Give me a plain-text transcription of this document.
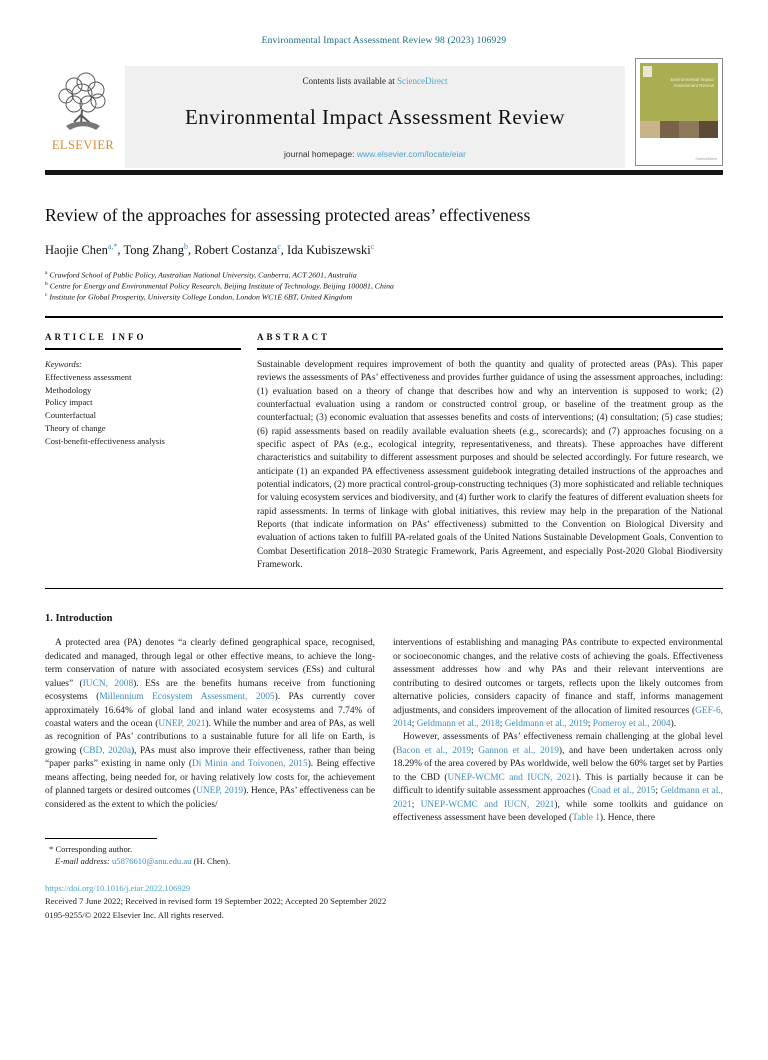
Environmental Impact Assessment Review 98 (2023) 106929
ELSEVIER
Contents lists available at ScienceDirect
Environmental Impact Assessment Review
journal homepage: www.elsevier.com/locate/eiar
Environmental Impact Assessment Review
ScienceDirect
Review of the approaches for assessing protected areas’ effectiveness
Haojie Chen$^{a,*}$ , Tong Zhang$^b$ , Robert Costanza$^c$ , Ida Kubiszewski$^c$
$^a$ Crawford School of Public Policy, Australian National University, Canberra, ACT 2601, Australia
$^b$ Centre for Energy and Environmental Policy Research, Beijing Institute of Technology, Beijing 100081, China
$^c$ Institute for Global Prosperity, University College London, London WC1E 6BT, United Kingdom
ARTICLE INFO
Keywords:
Effectiveness assessment
Methodology
Policy impact
Counterfactual
Theory of change
Cost-benefit-effectiveness analysis
ABSTRACT
Sustainable development requires improvement of both the quantity and quality of protected areas (PAs). This paper reviews the assessments of PAs’ effectiveness and provides further guidance of using the assessment approaches, including: (1) evaluation based on a theory of change that describes how and why an intervention is supposed to work; (2) counterfactual evaluation using a random or constructed control group, or baseline of the treatment group as the counterfactual; (3) economic evaluation that assesses benefits and costs of interventions; (4) consultation; (5) case studies; (6) rapid assessments based on readily available evaluation sheets (e.g., scorecards); and (7) approaches focusing on a specific aspect of PAs (e.g., ecological integrity, representativeness, and threats). These approaches have different characteristics and suitability to different assessment purposes and should be selected accordingly. For future research, we anticipate (1) an expanded PA effectiveness assessment guidebook integrating detailed instructions of the approaches and potential indicators, (2) more practical control-group-constructing techniques (3) more sophisticated and reliable techniques for valuing ecosystem services and biodiversity, and (4) further work to clarify the features of different evaluation sheets for rapid assessments. In terms of linkage with global initiatives, this review may help in the preparation of the National Reports (that indicate information on PAs’ effectiveness) submitted to the Convention on Biological Diversity and evaluation of actions taken to fulfill PA-related goals of the United Nations Sustainable Development Goals, Convention to Combat Desertification 2018–2030 Strategic Framework, Paris Agreement, and especially Post-2020 Global Biodiversity Framework.
1. Introduction

A protected area (PA) denotes “a clearly defined geographical space, recognised, dedicated and managed, through legal or other effective means, to achieve the long-term conservation of nature with associated ecosystem services (ESs) and cultural values” (IUCN, 2008). ESs are the benefits humans receive from functioning ecosystems (Millennium Ecosystem Assessment, 2005). PAs currently cover approximately 16.64% of global land and inland water ecosystems and 7.74% of coastal waters and the ocean (UNEP, 2021). While the number and area of PAs, as well as recognition of PAs’ contributions to a sustainable future for all life on Earth, is growing (CBD, 2020a), PAs must also improve their effectiveness, rather than being “paper parks” existing in name only (Di Minin and Toivonen, 2015). Being effective means affecting, being needed for, or having relatively low costs for, the achievement of planned targets or desired outcomes (UNEP, 2019). Hence, PAs’ effectiveness can be considered as the extent to which the policies/

* Corresponding author.
E-mail address: u5876610@anu.edu.au (H. Chen).

interventions of establishing and managing PAs contribute to expected environmental or socioeconomic changes, and the relative costs of achieving the goals. Effectiveness assessment addresses how and why PAs and their relevant interventions are contributing to desired outcomes or targets, reflects upon the likely outcomes from alternative policies, considers capacity of finance and staff, informs management adjustments, and considers improvement of the allocation of limited resources (GEF-6, 2014; Geldmann et al., 2018; Geldmann et al., 2019; Pomeroy et al., 2004).

However, assessments of PAs’ effectiveness remain challenging at the global level (Bacon et al., 2019; Gannon et al., 2019), and have been undertaken across only 18.29% of the area covered by PAs worldwide, well below the 60% target set by Parties to the CBD (UNEP-WCMC and IUCN, 2021). This is partially because it can be difficult to identify suitable assessment approaches (Coad et al., 2015; Geldmann et al., 2021; UNEP-WCMC and IUCN, 2021), while some toolkits and guidance on effectiveness assessment have been developed (Table 1). Hence, there

https://doi.org/10.1016/j.eiar.2022.106929
Received 7 June 2022; Received in revised form 19 September 2022; Accepted 20 September 2022
0195-9255/© 2022 Elsevier Inc. All rights reserved.
